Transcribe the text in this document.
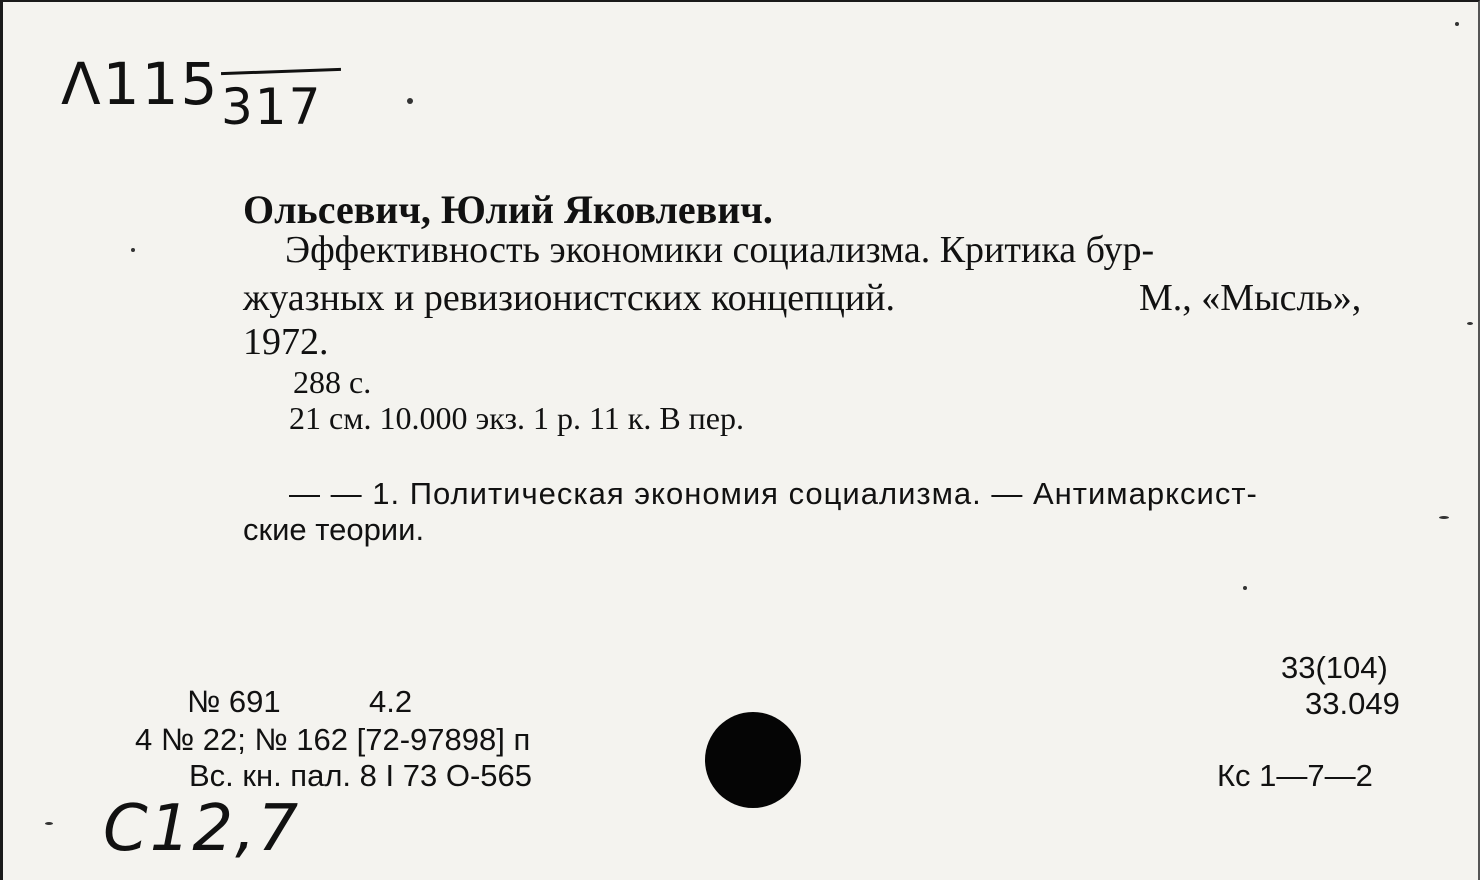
Λ115 317
Ольсевич, Юлий Яковлевич.
Эффективность экономики социализма. Критика бур-
жуазных и ревизионистских концепций.	М., «Мысль»,
1972.
288 с.
21 см. 10.000 экз. 1 р. 11 к. В пер.
— — 1. Политическая экономия социализма. — Антимарксист-
ские теории.
№ 691	4.2
4 № 22; № 162 [72-97898] п
Вс. кн. пал. 8 I 73 О-565
33(104)
33.049
Кс 1—7—2
С12,7
